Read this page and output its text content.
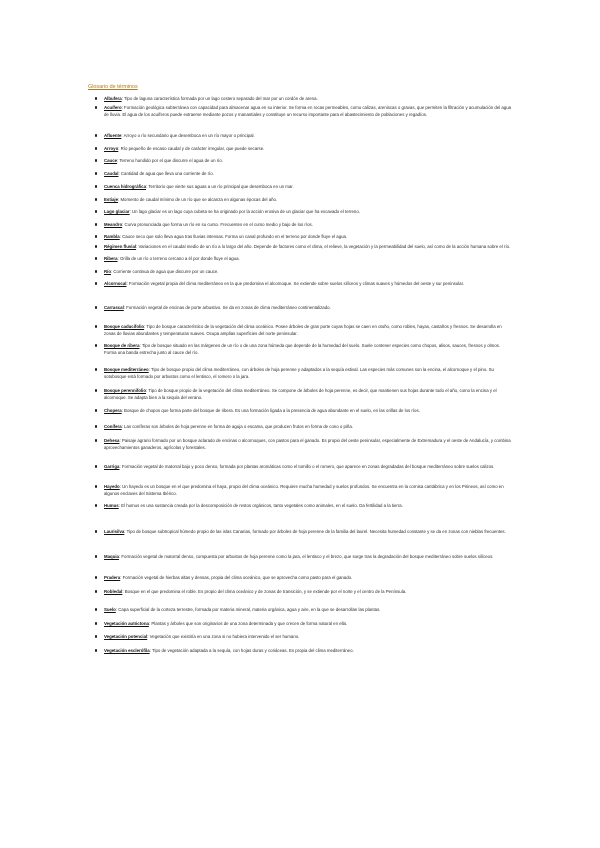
Glosario de términos
Albufera: Tipo de laguna característica formada por un lago costero separado del mar por un cordón de arena.
Acuífero: Formación geológica subterránea con capacidad para almacenar agua en su interior. Se forma en rocas permeables, como calizas, areniscas o gravas, que permiten la filtración y acumulación del agua de lluvia. El agua de los acuíferos puede extraerse mediante pozos y manantiales y constituye un recurso importante para el abastecimiento de poblaciones y regadíos.
Afluente: Arroyo o río secundario que desemboca en un río mayor o principal.
Arroyo: Río pequeño de escaso caudal y de carácter irregular, que puede secarse.
Cauce: Terreno hundido por el que discurre el agua de un río.
Caudal: Cantidad de agua que lleva una corriente de río.
Cuenca hidrográfica: Territorio que vierte sus aguas a un río principal que desemboca en un mar.
Estiaje: Momento de caudal mínimo de un río que se alcanza en algunas épocas del año.
Lago glaciar: Un lago glaciar es un lago cuya cubeta se ha originado por la acción erosiva de un glaciar que ha excavado el terreno.
Meandro: Curva pronunciada que forma un río en su curso. Frecuentes en el curso medio y bajo de los ríos.
Rambla: Cauce seco que solo lleva agua tras lluvias intensas. Forma un canal profundo en el terreno por donde fluye el agua.
Régimen fluvial: Variaciones en el caudal medio de un río a lo largo del año. Depende de factores como el clima, el relieve, la vegetación y la permeabilidad del suelo, así como de la acción humana sobre el río.
Ribera: Orilla de un río o terreno cercano a él por donde fluye el agua.
Río: Corriente continua de agua que discurre por un cauce.
Alcornocal: Formación vegetal propia del clima mediterráneo en la que predomina el alcornoque. Se extiende sobre suelos silíceos y climas suaves y húmedos del oeste y sur peninsular.
Carrascal: Formación vegetal de encinas de porte arbustivo. Se da en zonas de clima mediterráneo continentalizado.
Bosque caducifolio: Tipo de bosque característico de la vegetación del clima oceánico. Posee árboles de gran porte cuyas hojas se caen en otoño, como robles, hayas, castaños y fresnos. Se desarrolla en zonas de lluvias abundantes y temperaturas suaves. Ocupa amplias superficies del norte peninsular.
Bosque de ribera: Tipo de bosque situado en las márgenes de un río o de una zona húmeda que depende de la humedad del suelo. Suele contener especies como chopos, alisos, sauces, fresnos y olmos. Forma una banda estrecha junto al cauce del río.
Bosque mediterráneo: Tipo de bosque propio del clima mediterráneo, con árboles de hoja perenne y adaptados a la sequía estival. Las especies más comunes son la encina, el alcornoque y el pino. Su sotobosque está formado por arbustos como el lentisco, el romero o la jara.
Bosque perennifolio: Tipo de bosque propio de la vegetación del clima mediterráneo. Se compone de árboles de hoja perenne, es decir, que mantienen sus hojas durante todo el año, como la encina y el alcornoque. Se adapta bien a la sequía del verano.
Chopera: Bosque de chopos que forma parte del bosque de ribera. Es una formación ligada a la presencia de agua abundante en el suelo, en las orillas de los ríos.
Conífera: Las coníferas son árboles de hoja perenne en forma de aguja o escama, que producen frutos en forma de cono o piña.
Dehesa: Paisaje agrario formado por un bosque aclarado de encinas o alcornoques, con pastos para el ganado. Es propio del oeste peninsular, especialmente de Extremadura y el oeste de Andalucía, y combina aprovechamientos ganaderos, agrícolas y forestales.
Garriga: Formación vegetal de matorral bajo y poco denso, formada por plantas aromáticas como el tomillo o el romero, que aparece en zonas degradadas del bosque mediterráneo sobre suelos calizos.
Hayedo: Un hayedo es un bosque en el que predomina el haya, propio del clima oceánico. Requiere mucha humedad y suelos profundos. Se encuentra en la cornisa cantábrica y en los Pirineos, así como en algunos enclaves del Sistema Ibérico.
Humus: El humus es una sustancia creada por la descomposición de restos orgánicos, tanto vegetales como animales, en el suelo. Da fertilidad a la tierra.
Laurisilva: Tipo de bosque subtropical húmedo propio de las islas Canarias, formado por árboles de hoja perenne de la familia del laurel. Necesita humedad constante y se da en zonas con nieblas frecuentes.
Maquia: Formación vegetal de matorral denso, compuesta por arbustos de hoja perenne como la jara, el lentisco y el brezo, que surge tras la degradación del bosque mediterráneo sobre suelos silíceos.
Pradera: Formación vegetal de hierbas altas y densas, propia del clima oceánico, que se aprovecha como pasto para el ganado.
Robledal: Bosque en el que predomina el roble. Es propio del clima oceánico y de zonas de transición, y se extiende por el norte y el centro de la Península.
Suelo: Capa superficial de la corteza terrestre, formada por materia mineral, materia orgánica, agua y aire, en la que se desarrollan las plantas.
Vegetación autóctona: Plantas y árboles que son originarios de una zona determinada y que crecen de forma natural en ella.
Vegetación potencial: Vegetación que existiría en una zona si no hubiera intervenido el ser humano.
Vegetación esclerófila: Tipo de vegetación adaptada a la sequía, con hojas duras y coriáceas. Es propia del clima mediterráneo.
